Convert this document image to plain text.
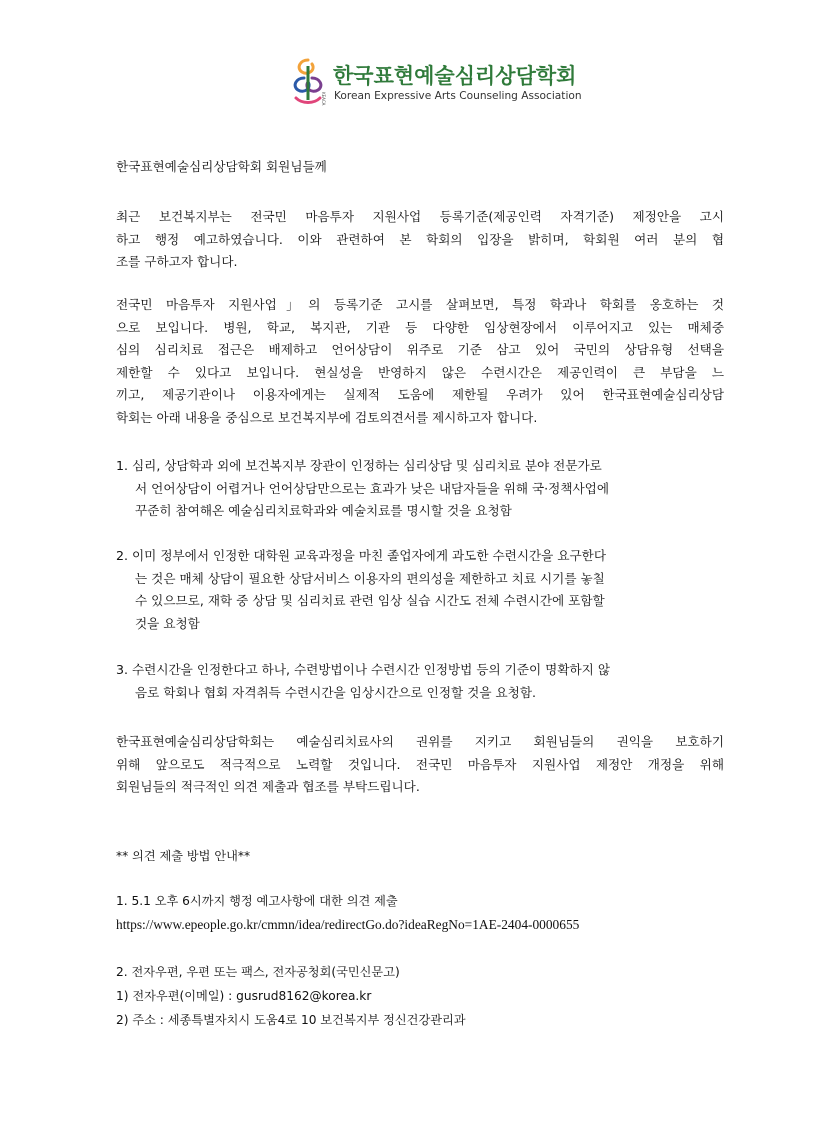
KEACA
한국표현예술심리상담학회
Korean Expressive Arts Counseling Association
한국표현예술심리상담학회 회원님들께

최근 보건복지부는 전국민 마음투자 지원사업 등록기준(제공인력 자격기준) 제정안을 고시

하고 행정 예고하였습니다. 이와 관련하여 본 학회의 입장을 밝히며, 학회원 여러 분의 협

조를 구하고자 합니다.

전국민 마음투자 지원사업」의 등록기준 고시를 살펴보면, 특정 학과나 학회를 옹호하는 것

으로 보입니다. 병원, 학교, 복지관, 기관 등 다양한 임상현장에서 이루어지고 있는 매체중

심의 심리치료 접근은 배제하고 언어상담이 위주로 기준 삼고 있어 국민의 상담유형 선택을

제한할 수 있다고 보입니다. 현실성을 반영하지 않은 수련시간은 제공인력이 큰 부담을 느

끼고, 제공기관이나 이용자에게는 실제적 도움에 제한될 우려가 있어 한국표현예술심리상담

학회는 아래 내용을 중심으로 보건복지부에 검토의견서를 제시하고자 합니다.

1. 심리, 상담학과 외에 보건복지부 장관이 인정하는 심리상담 및 심리치료 분야 전문가로

서 언어상담이 어렵거나 언어상담만으로는 효과가 낮은 내담자들을 위해 국·정책사업에

꾸준히 참여해온 예술심리치료학과와 예술치료를 명시할 것을 요청함

2. 이미 정부에서 인정한 대학원 교육과정을 마친 졸업자에게 과도한 수련시간을 요구한다

는 것은 매체 상담이 필요한 상담서비스 이용자의 편의성을 제한하고 치료 시기를 놓칠

수 있으므로, 재학 중 상담 및 심리치료 관련 임상 실습 시간도 전체 수련시간에 포함할

것을 요청함

3. 수련시간을 인정한다고 하나, 수련방법이나 수련시간 인정방법 등의 기준이 명확하지 않

음로 학회나 협회 자격취득 수련시간을 임상시간으로 인정할 것을 요청함.

한국표현예술심리상담학회는 예술심리치료사의 권위를 지키고 회원님들의 권익을 보호하기

위해 앞으로도 적극적으로 노력할 것입니다. 전국민 마음투자 지원사업 제정안 개정을 위해

회원님들의 적극적인 의견 제출과 협조를 부탁드립니다.

** 의견 제출 방법 안내**
1. 5.1 오후 6시까지 행정 예고사항에 대한 의견 제출
https://www.epeople.go.kr/cmmn/idea/redirectGo.do?ideaRegNo=1AE-2404-0000655
2. 전자우편, 우편 또는 팩스, 전자공청회(국민신문고)
1) 전자우편(이메일) : gusrud8162@korea.kr
2) 주소 : 세종특별자치시 도움4로 10 보건복지부 정신건강관리과
